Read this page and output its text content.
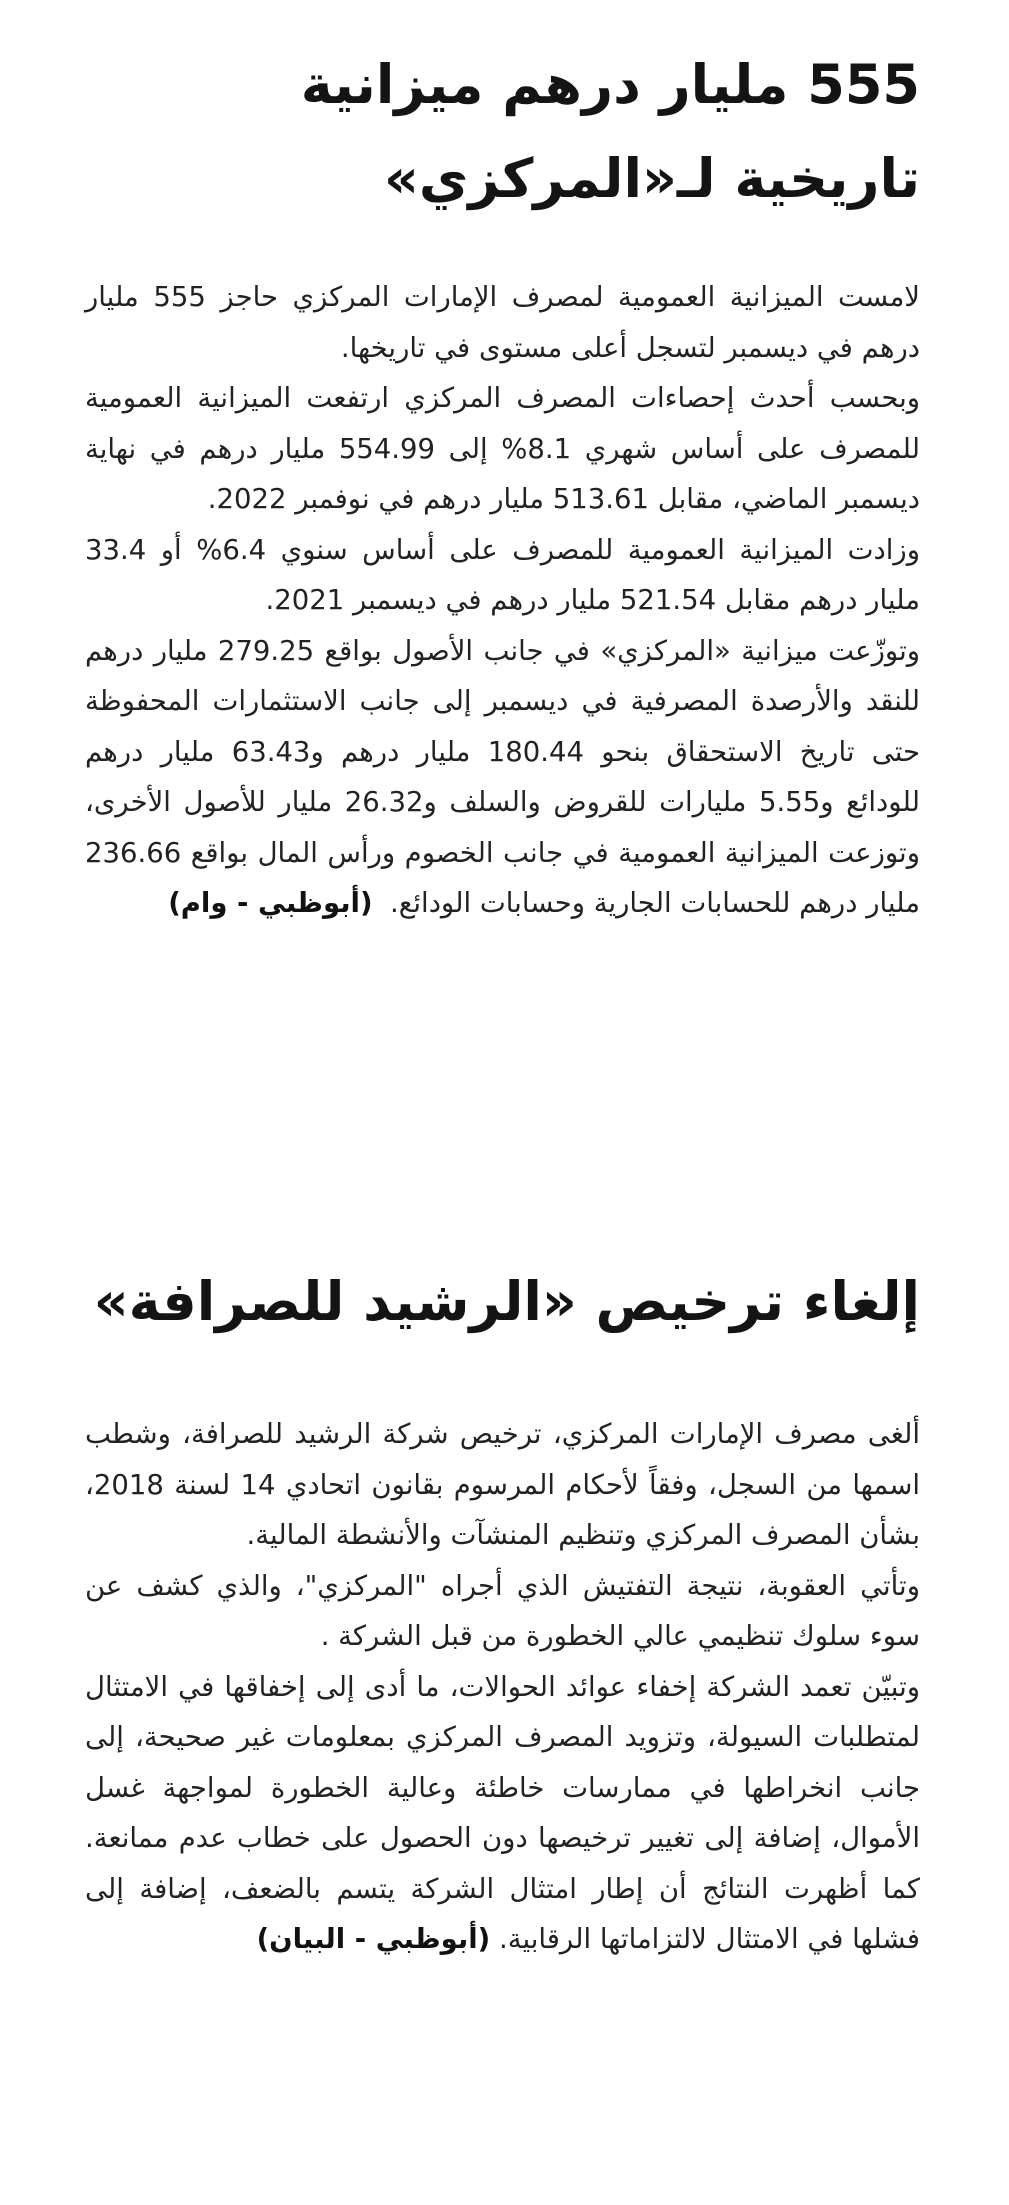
555 مليار درهم ميزانية
تاريخية لـ«المركزي»

لامست الميزانية العمومية لمصرف الإمارات المركزي حاجز 555 مليار درهم في ديسمبر لتسجل أعلى مستوى في تاريخها.

وبحسب أحدث إحصاءات المصرف المركزي ارتفعت الميزانية العمومية للمصرف على أساس شهري 8.1% إلى 554.99 مليار درهم في نهاية ديسمبر الماضي، مقابل 513.61 مليار درهم في نوفمبر 2022.

وزادت الميزانية العمومية للمصرف على أساس سنوي 6.4% أو 33.4 مليار درهم مقابل 521.54 مليار درهم في ديسمبر 2021.

وتوزّعت ميزانية «المركزي» في جانب الأصول بواقع 279.25 مليار درهم للنقد والأرصدة المصرفية في ديسمبر إلى جانب الاستثمارات المحفوظة حتى تاريخ الاستحقاق بنحو 180.44 مليار درهم و63.43 مليار درهم للودائع و5.55 مليارات للقروض والسلف و26.32 مليار للأصول الأخرى، وتوزعت الميزانية العمومية في جانب الخصوم ورأس المال بواقع 236.66 مليار درهم للحسابات الجارية وحسابات الودائع.  (أبوظبي - وام)

إلغاء ترخيص «الرشيد للصرافة»

ألغى مصرف الإمارات المركزي، ترخيص شركة الرشيد للصرافة، وشطب اسمها من السجل، وفقاً لأحكام المرسوم بقانون اتحادي 14 لسنة 2018، بشأن المصرف المركزي وتنظيم المنشآت والأنشطة المالية.

وتأتي العقوبة، نتيجة التفتيش الذي أجراه "المركزي"، والذي كشف عن سوء سلوك تنظيمي عالي الخطورة من قبل الشركة .

وتبيّن تعمد الشركة إخفاء عوائد الحوالات، ما أدى إلى إخفاقها في الامتثال لمتطلبات السيولة، وتزويد المصرف المركزي بمعلومات غير صحيحة، إلى جانب انخراطها في ممارسات خاطئة وعالية الخطورة لمواجهة غسل الأموال، إضافة إلى تغيير ترخيصها دون الحصول على خطاب عدم ممانعة. كما أظهرت النتائج أن إطار امتثال الشركة يتسم بالضعف، إضافة إلى فشلها في الامتثال لالتزاماتها الرقابية. (أبوظبي - البيان)
